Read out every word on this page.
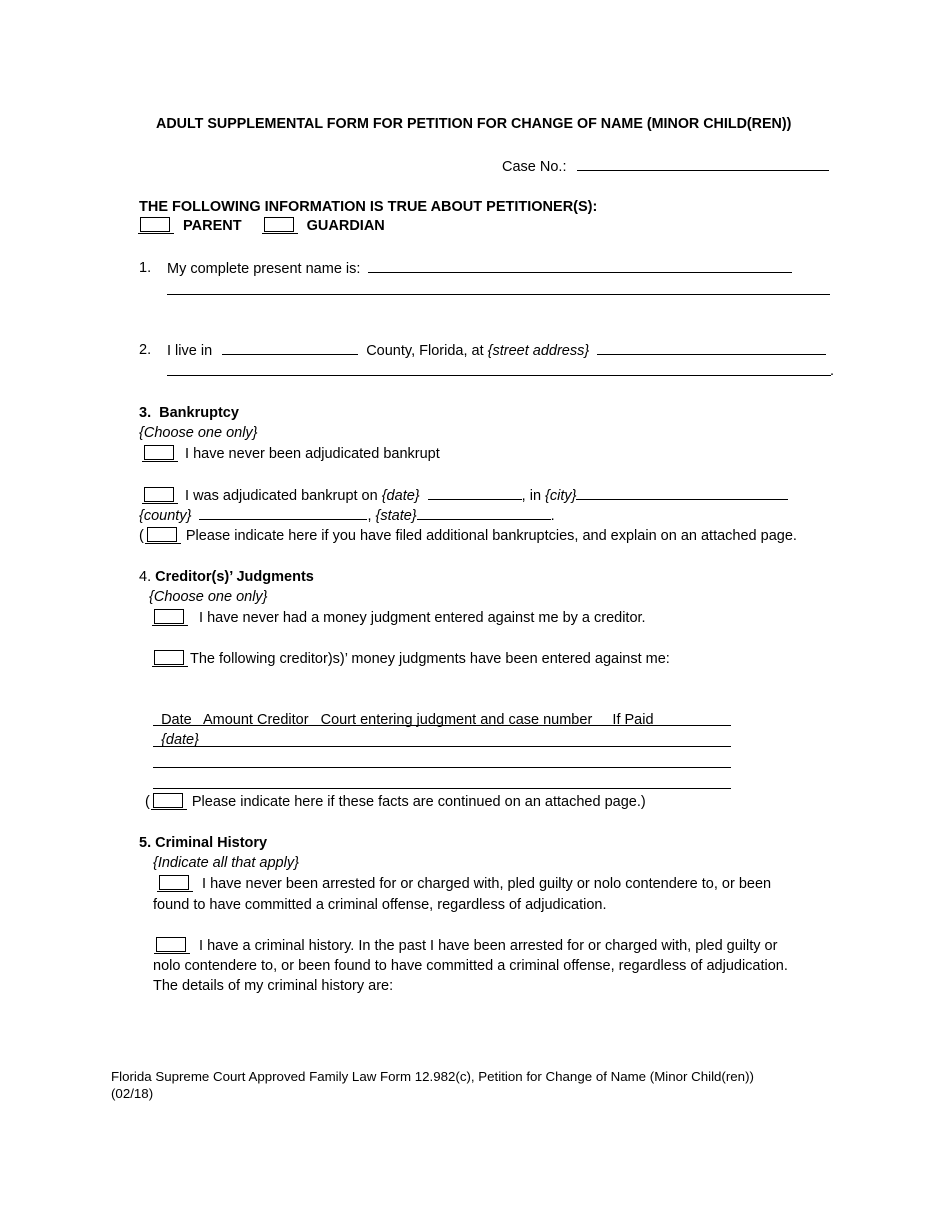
ADULT SUPPLEMENTAL FORM FOR PETITION FOR CHANGE OF NAME (MINOR CHILD(REN))
Case No.:
THE FOLLOWING INFORMATION IS TRUE ABOUT PETITIONER(S):
PARENT	GUARDIAN
1. My complete present name is:
2. I live in	County, Florida, at {street address}
.
3. Bankruptcy
{Choose one only}
I have never been adjudicated bankrupt
I was adjudicated bankrupt on {date}	, in {city}
{county}	, {state}	.
(	Please indicate here if you have filed additional bankruptcies, and explain on an attached page.
4. Creditor(s)’ Judgments
{Choose one only}
I have never had a money judgment entered against me by a creditor.
The following creditor)s)’ money judgments have been entered against me:

Date   Amount Creditor   Court entering judgment and case number     If Paid
{date}

(	Please indicate here if these facts are continued on an attached page.)
5. Criminal History
{Indicate all that apply}
I have never been arrested for or charged with, pled guilty or nolo contendere to, or been
found to have committed a criminal offense, regardless of adjudication.
I have a criminal history. In the past I have been arrested for or charged with, pled guilty or
nolo contendere to, or been found to have committed a criminal offense, regardless of adjudication.
The details of my criminal history are:
Florida Supreme Court Approved Family Law Form 12.982(c), Petition for Change of Name (Minor Child(ren))
(02/18)
